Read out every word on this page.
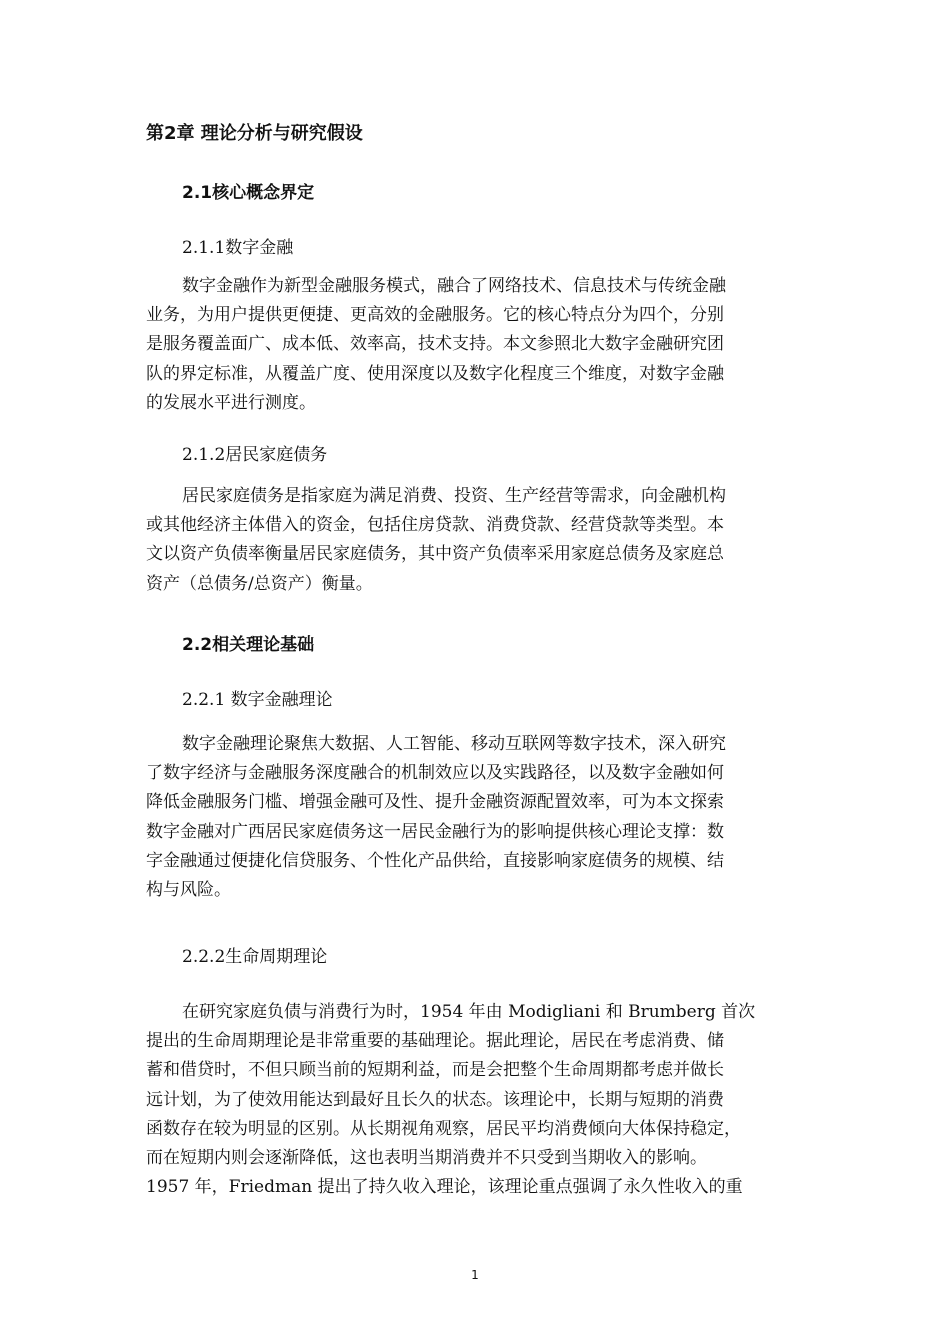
第2章 理论分析与研究假设
2.1核心概念界定
2.1.1数字金融
数字金融作为新型金融服务模式，融合了网络技术、信息技术与传统金融
业务，为用户提供更便捷、更高效的金融服务。它的核心特点分为四个，分别
是服务覆盖面广、成本低、效率高，技术支持。本文参照北大数字金融研究团
队的界定标准，从覆盖广度、使用深度以及数字化程度三个维度，对数字金融
的发展水平进行测度。
2.1.2居民家庭债务
居民家庭债务是指家庭为满足消费、投资、生产经营等需求，向金融机构
或其他经济主体借入的资金，包括住房贷款、消费贷款、经营贷款等类型。本
文以资产负债率衡量居民家庭债务，其中资产负债率采用家庭总债务及家庭总
资产（总债务/总资产）衡量。
2.2相关理论基础
2.2.1 数字金融理论
数字金融理论聚焦大数据、人工智能、移动互联网等数字技术，深入研究
了数字经济与金融服务深度融合的机制效应以及实践路径，以及数字金融如何
降低金融服务门槛、增强金融可及性、提升金融资源配置效率，可为本文探索
数字金融对广西居民家庭债务这一居民金融行为的影响提供核心理论支撑：数
字金融通过便捷化信贷服务、个性化产品供给，直接影响家庭债务的规模、结
构与风险。
2.2.2生命周期理论
在研究家庭负债与消费行为时，1954 年由 Modigliani 和 Brumberg 首次
提出的生命周期理论是非常重要的基础理论。据此理论，居民在考虑消费、储
蓄和借贷时，不但只顾当前的短期利益，而是会把整个生命周期都考虑并做长
远计划，为了使效用能达到最好且长久的状态。该理论中，长期与短期的消费
函数存在较为明显的区别。从长期视角观察，居民平均消费倾向大体保持稳定，
而在短期内则会逐渐降低，这也表明当期消费并不只受到当期收入的影响。
1957 年，Friedman 提出了持久收入理论，该理论重点强调了永久性收入的重
1
